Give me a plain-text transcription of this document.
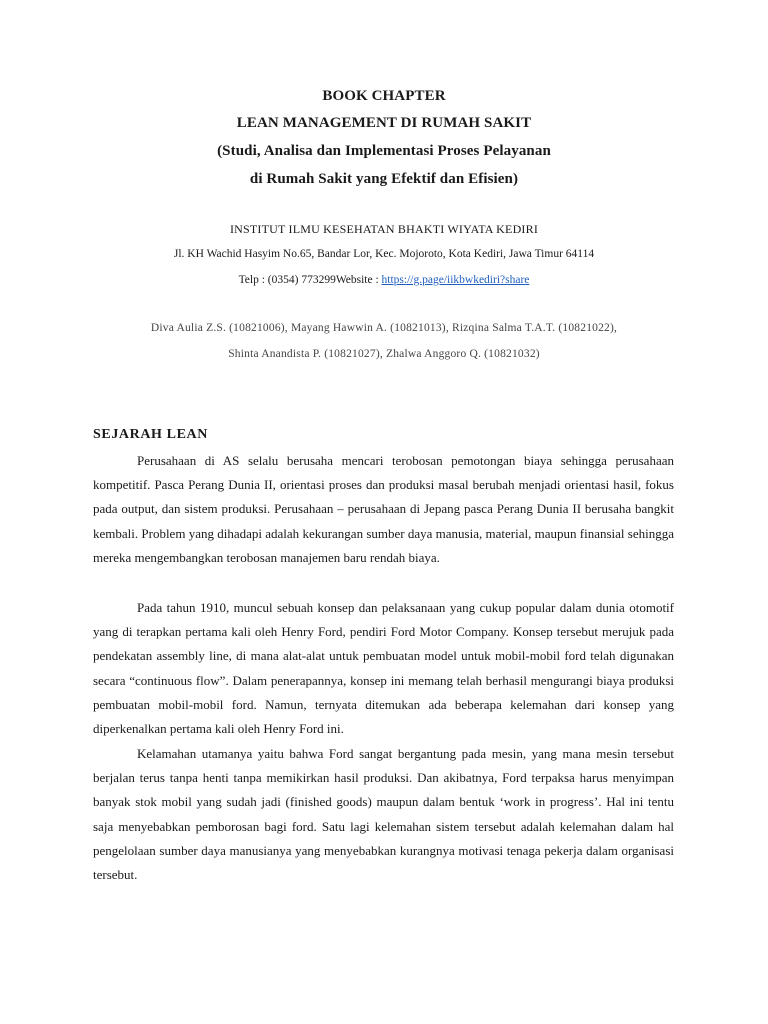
BOOK CHAPTER
LEAN MANAGEMENT DI RUMAH SAKIT
(Studi, Analisa dan Implementasi Proses Pelayanan
di Rumah Sakit yang Efektif dan Efisien)
INSTITUT ILMU KESEHATAN BHAKTI WIYATA KEDIRI
Jl. KH Wachid Hasyim No.65, Bandar Lor, Kec. Mojoroto, Kota Kediri, Jawa Timur 64114
Telp : (0354) 773299Website : https://g.page/iikbwkediri?share
Diva Aulia Z.S. (10821006), Mayang Hawwin A. (10821013), Rizqina Salma T.A.T. (10821022),
Shinta Anandista P. (10821027), Zhalwa Anggoro Q. (10821032)
SEJARAH LEAN
Perusahaan di AS selalu berusaha mencari terobosan pemotongan biaya sehingga perusahaan kompetitif. Pasca Perang Dunia II, orientasi proses dan produksi masal berubah menjadi orientasi hasil, fokus pada output, dan sistem produksi. Perusahaan – perusahaan di Jepang pasca Perang Dunia II berusaha bangkit kembali. Problem yang dihadapi adalah kekurangan sumber daya manusia, material, maupun finansial sehingga mereka mengembangkan terobosan manajemen baru rendah biaya.
Pada tahun 1910, muncul sebuah konsep dan pelaksanaan yang cukup popular dalam dunia otomotif yang di terapkan pertama kali oleh Henry Ford, pendiri Ford Motor Company. Konsep tersebut merujuk pada pendekatan assembly line, di mana alat-alat untuk pembuatan model untuk mobil-mobil ford telah digunakan secara “continuous flow”. Dalam penerapannya, konsep ini memang telah berhasil mengurangi biaya produksi pembuatan mobil-mobil ford. Namun, ternyata ditemukan ada beberapa kelemahan dari konsep yang diperkenalkan pertama kali oleh Henry Ford ini.
Kelamahan utamanya yaitu bahwa Ford sangat bergantung pada mesin, yang mana mesin tersebut berjalan terus tanpa henti tanpa memikirkan hasil produksi. Dan akibatnya, Ford terpaksa harus menyimpan banyak stok mobil yang sudah jadi (finished goods) maupun dalam bentuk ‘work in progress’. Hal ini tentu saja menyebabkan pemborosan bagi ford. Satu lagi kelemahan sistem tersebut adalah kelemahan dalam hal pengelolaan sumber daya manusianya yang menyebabkan kurangnya motivasi tenaga pekerja dalam organisasi tersebut.
